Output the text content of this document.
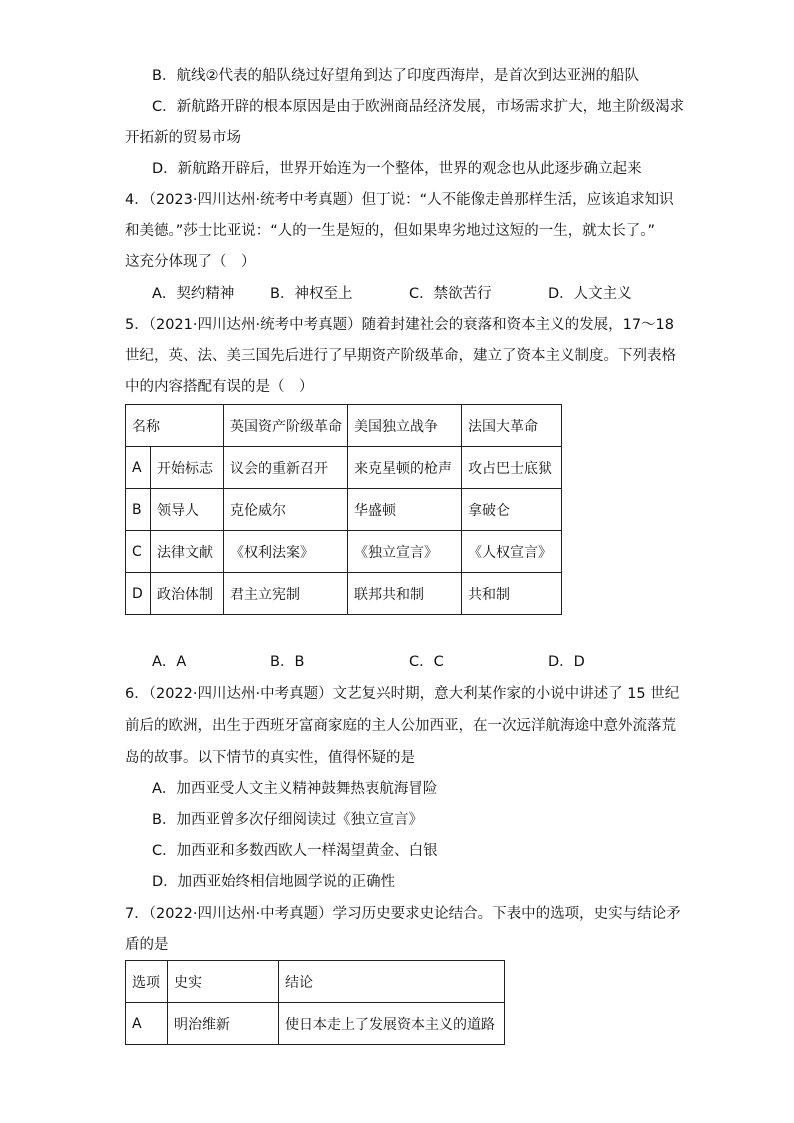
B．航线②代表的船队绕过好望角到达了印度西海岸，是首次到达亚洲的船队
C．新航路开辟的根本原因是由于欧洲商品经济发展，市场需求扩大，地主阶级渴求
开拓新的贸易市场
D．新航路开辟后，世界开始连为一个整体，世界的观念也从此逐步确立起来
4．（2023·四川达州·统考中考真题）但丁说：“人不能像走兽那样生活，应该追求知识
和美德。”莎士比亚说：“人的一生是短的，但如果卑劣地过这短的一生，就太长了。”
这充分体现了（　）
A．契约精神 B．神权至上	C．禁欲苦行	D．人文主义
5．（2021·四川达州·统考中考真题）随着封建社会的衰落和资本主义的发展，17～18
世纪，英、法、美三国先后进行了早期资产阶级革命，建立了资本主义制度。下列表格
中的内容搭配有误的是（　）
名称		英国资产阶级革命	美国独立战争	法国大革命
A	开始标志	议会的重新召开	来克星顿的枪声	攻占巴士底狱
B	领导人	克伦威尔	华盛顿	拿破仑
C	法律文献	《权利法案》	《独立宣言》	《人权宣言》
D	政治体制	君主立宪制	联邦共和制	共和制
A．A	B．B	C．C	D．D
6．（2022·四川达州·中考真题）文艺复兴时期，意大利某作家的小说中讲述了 15 世纪
前后的欧洲，出生于西班牙富商家庭的主人公加西亚，在一次远洋航海途中意外流落荒
岛的故事。以下情节的真实性，值得怀疑的是
A．加西亚受人文主义精神鼓舞热衷航海冒险
B．加西亚曾多次仔细阅读过《独立宣言》
C．加西亚和多数西欧人一样渴望黄金、白银
D．加西亚始终相信地圆学说的正确性
7．（2022·四川达州·中考真题）学习历史要求史论结合。下表中的选项，史实与结论矛
盾的是
选项	史实	结论
A	明治维新	使日本走上了发展资本主义的道路
